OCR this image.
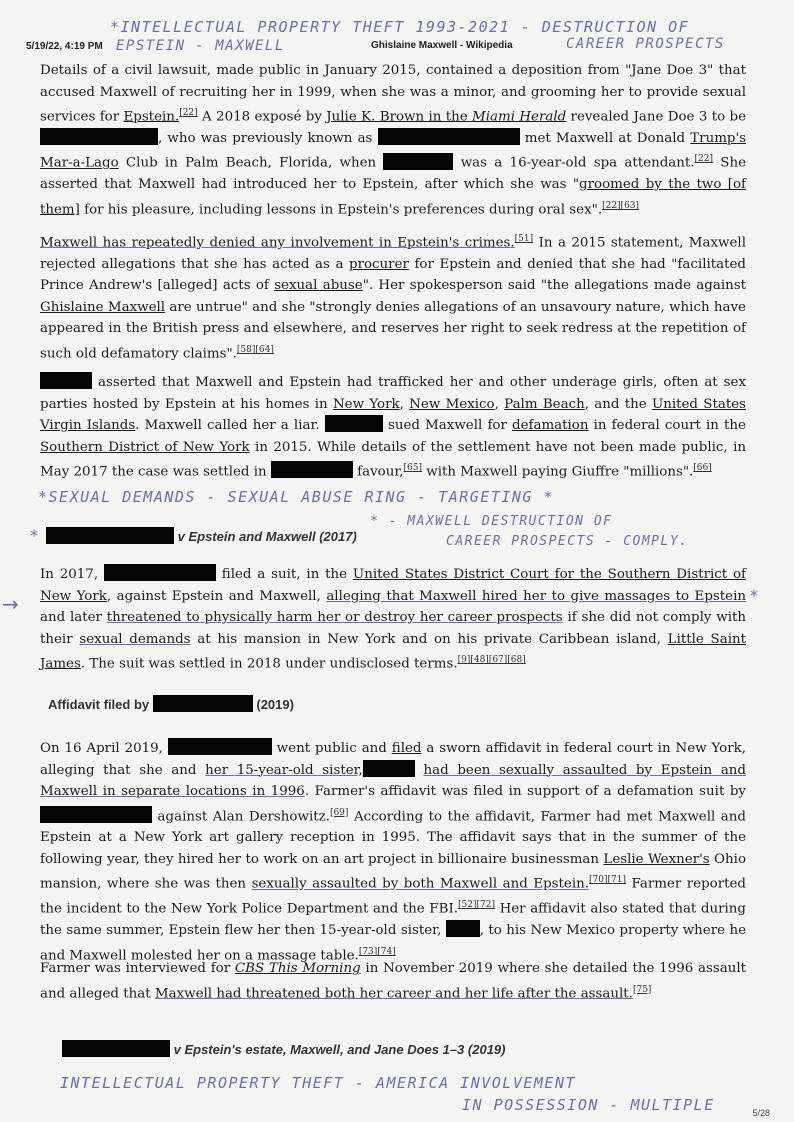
5/19/22, 4:19 PM	Ghislaine Maxwell - Wikipedia
*INTELLECTUAL PROPERTY THEFT 1993-2021 - DESTRUCTION OF
EPSTEIN - MAXWELL	CAREER PROSPECTS

Details of a civil lawsuit, made public in January 2015, contained a deposition from "Jane Doe 3" that accused Maxwell of recruiting her in 1999, when she was a minor, and grooming her to provide sexual services for Epstein.[22] A 2018 exposé by Julie K. Brown in the Miami Herald revealed Jane Doe 3 to be , who was previously known as	met Maxwell at Donald Trump's Mar-a-Lago Club in Palm Beach, Florida, when	was a 16-year-old spa attendant.[22] She asserted that Maxwell had introduced her to Epstein, after which she was "groomed by the two [of them] for his pleasure, including lessons in Epstein's preferences during oral sex".[22][63]

Maxwell has repeatedly denied any involvement in Epstein's crimes.[51] In a 2015 statement, Maxwell rejected allegations that she has acted as a procurer for Epstein and denied that she had "facilitated Prince Andrew's [alleged] acts of sexual abuse". Her spokesperson said "the allegations made against Ghislaine Maxwell are untrue" and she "strongly denies allegations of an unsavoury nature, which have appeared in the British press and elsewhere, and reserves her right to seek redress at the repetition of such old defamatory claims".[58][64]

asserted that Maxwell and Epstein had trafficked her and other underage girls, often at sex parties hosted by Epstein at his homes in New York, New Mexico, Palm Beach, and the United States Virgin Islands. Maxwell called her a liar.	sued Maxwell for defamation in federal court in the Southern District of New York in 2015. While details of the settlement have not been made public, in May 2017 the case was settled in	favour,[65] with Maxwell paying Giuffre "millions".[66]

*SEXUAL DEMANDS - SEXUAL ABUSE RING - TARGETING *
*	v Epstein and Maxwell (2017)
* - MAXWELL DESTRUCTION OF
CAREER PROSPECTS - COMPLY.

In 2017,	filed a suit, in the United States District Court for the Southern District of New York, against Epstein and Maxwell, alleging that Maxwell hired her to give massages to Epstein and later threatened to physically harm her or destroy her career prospects if she did not comply with their sexual demands at his mansion in New York and on his private Caribbean island, Little Saint James. The suit was settled in 2018 under undisclosed terms.[9][48][67][68]

→	*
Affidavit filed by	(2019)

On 16 April 2019,	went public and filed a sworn affidavit in federal court in New York, alleging that she and her 15-year-old sister,	had been sexually assaulted by Epstein and Maxwell in separate locations in 1996. Farmer's affidavit was filed in support of a defamation suit by  against Alan Dershowitz.[69] According to the affidavit, Farmer had met Maxwell and Epstein at a New York art gallery reception in 1995. The affidavit says that in the summer of the following year, they hired her to work on an art project in billionaire businessman Leslie Wexner's Ohio mansion, where she was then sexually assaulted by both Maxwell and Epstein.[70][71] Farmer reported the incident to the New York Police Department and the FBI.[52][72] Her affidavit also stated that during the same summer, Epstein flew her then 15-year-old sister,	, to his New Mexico property where he and Maxwell molested her on a massage table.[73][74]

Farmer was interviewed for CBS This Morning in November 2019 where she detailed the 1996 assault and alleged that Maxwell had threatened both her career and her life after the assault.[75]

v Epstein's estate, Maxwell, and Jane Does 1–3 (2019)
INTELLECTUAL PROPERTY THEFT - AMERICA INVOLVEMENT
IN POSSESSION - MULTIPLE	5/28
